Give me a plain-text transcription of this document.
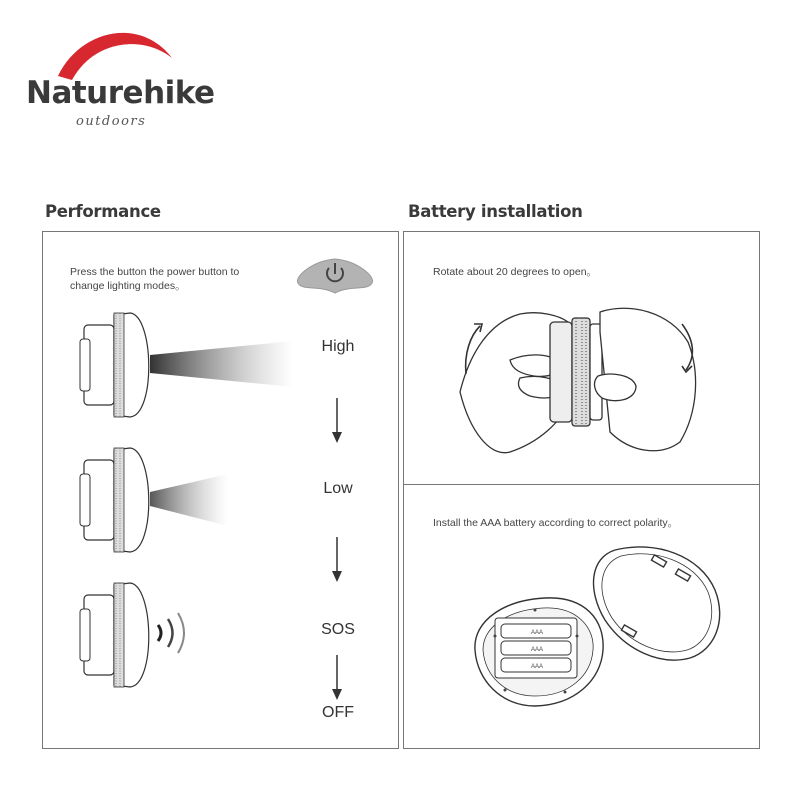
Naturehike
outdoors
Performance	Battery installation
Press the button the power button to
change lighting modes。
High
Low
SOS
OFF
Rotate about 20 degrees to open。
Install the AAA battery according to correct polarity。
AAA
AAA
AAA
